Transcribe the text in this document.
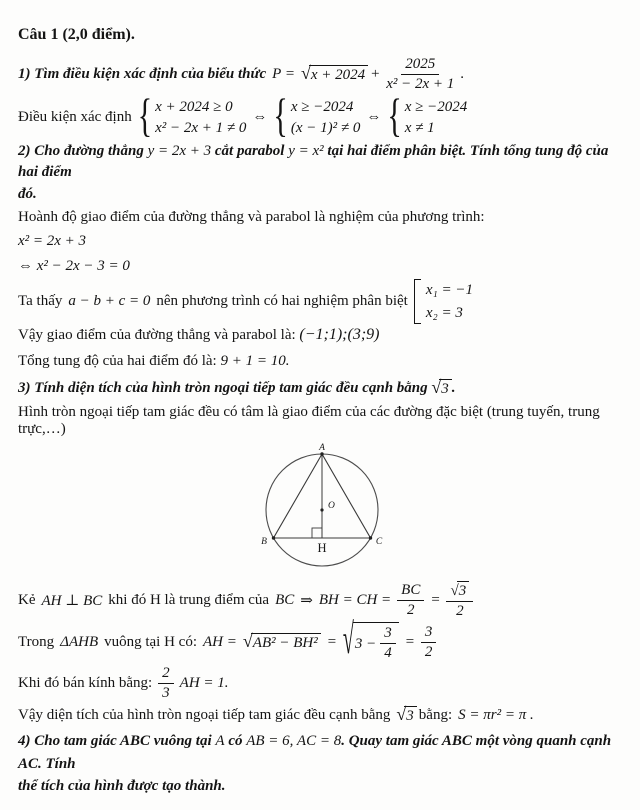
Câu 1 (2,0 điểm).
1) Tìm điều kiện xác định của biểu thức P = √ $x + 2024 + \frac{2025}{\text{x² − 2x + 1}}$ .
Điều kiện xác định { x + 2024 ≥ 0
x² − 2x + 1 ≠ 0
⇔ { x ≥ −2024
(x − 1)² ≠ 0
⇔ { x ≥ −2024
x ≠ 1
2) Cho đường thẳng y = 2x + 3 cắt parabol y = x² tại hai điểm phân biệt. Tính tổng tung độ của hai điểm
đó.
Hoành độ giao điểm của đường thẳng và parabol là nghiệm của phương trình:
x² = 2x + 3
⇔ x² − 2x − 3 = 0
Ta thấy a − b + c = 0 nên phương trình có hai nghiệm phân biệt
x₁ = −1
x₂ = 3
Vậy giao điểm của đường thẳng và parabol là: (−1;1);(3;9)
Tổng tung độ của hai điểm đó là: 9 + 1 = 10.
3) Tính diện tích của hình tròn ngoại tiếp tam giác đều cạnh bằng √ 3 .
Hình tròn ngoại tiếp tam giác đều có tâm là giao điểm của các đường đặc biệt (trung tuyến, trung trực,…)
A
B	C
O
H
Kẻ AH ⊥ BC khi đó H là trung điểm của BC ⇒ BH = CH = $\frac{BC}{2} = \frac{√ 3}{2}$
Trong ΔAHB vuông tại H có: AH = √ AB² − BH² = √ $3 - \frac{3}{4} = \frac{3}{2}$
Khi đó bán kính bằng: $\frac{2}{3}$ AH = 1.
Vậy diện tích của hình tròn ngoại tiếp tam giác đều cạnh bằng √ 3 bằng: S = πr² = π .
4) Cho tam giác ABC vuông tại A có AB = 6, AC = 8. Quay tam giác ABC một vòng quanh cạnh AC. Tính
thể tích của hình được tạo thành.
